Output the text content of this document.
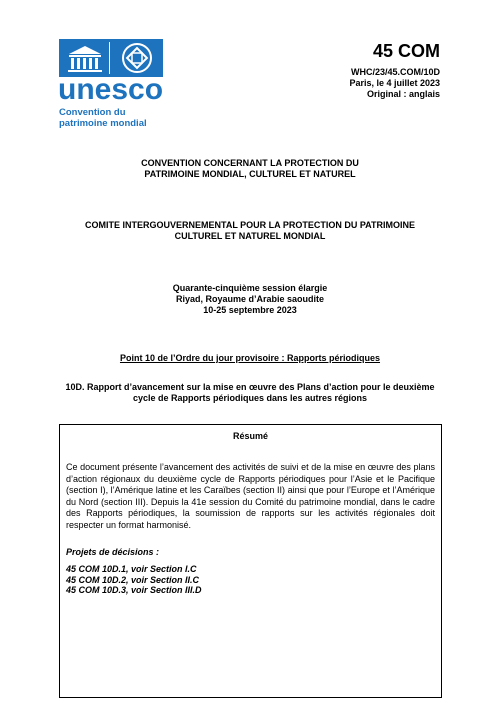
unesco
Convention du
patrimoine mondial
45 COM
WHC/23/45.COM/10D
Paris, le 4 juillet 2023
Original : anglais
CONVENTION CONCERNANT LA PROTECTION DU
PATRIMOINE MONDIAL, CULTUREL ET NATUREL
COMITE INTERGOUVERNEMENTAL POUR LA PROTECTION DU PATRIMOINE
CULTUREL ET NATUREL MONDIAL
Quarante-cinquième session élargie
Riyad, Royaume d’Arabie saoudite
10-25 septembre 2023
Point 10 de l’Ordre du jour provisoire : Rapports périodiques
10D. Rapport d’avancement sur la mise en œuvre des Plans d’action pour le deuxième
cycle de Rapports périodiques dans les autres régions
Résumé
Ce document présente l’avancement des activités de suivi et de la mise en œuvre des plans d’action régionaux du deuxième cycle de Rapports périodiques pour l’Asie et le Pacifique (section I), l’Amérique latine et les Caraïbes (section II) ainsi que pour l’Europe et l’Amérique du Nord (section III). Depuis la 41e session du Comité du patrimoine mondial, dans le cadre des Rapports périodiques, la soumission de rapports sur les activités régionales doit respecter un format harmonisé.
Projets de décisions :
45 COM 10D.1, voir Section I.C
45 COM 10D.2, voir Section II.C
45 COM 10D.3, voir Section III.D
